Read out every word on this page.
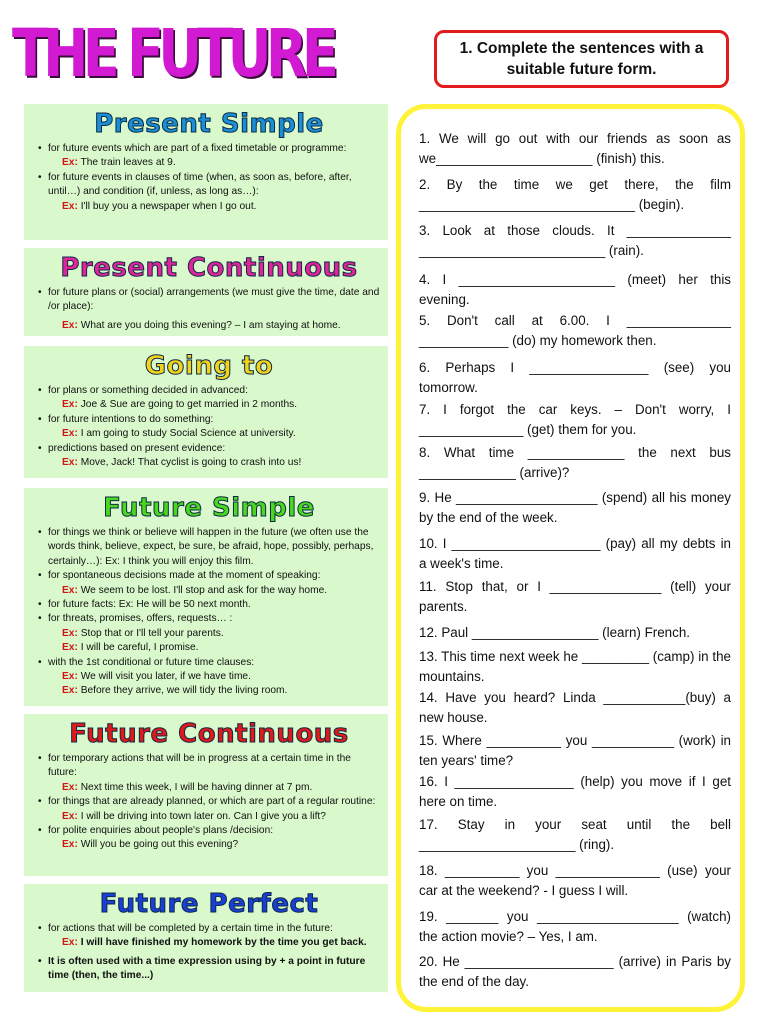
THE FUTURE	1. Complete the sentences with a suitable future form.
Present Simple

• for future events which are part of a fixed timetable or programme:

Ex: The train leaves at 9.

• for future events in clauses of time (when, as soon as, before, after, until…) and condition (if, unless, as long as…):

Ex: I'll buy you a newspaper when I go out.

Present Continuous

• for future plans or (social) arrangements (we must give the time, date and /or place):

Ex: What are you doing this evening? – I am staying at home.

Going to

• for plans or something decided in advanced:

Ex: Joe & Sue are going to get married in 2 months.

• for future intentions to do something:

Ex: I am going to study Social Science at university.

• predictions based on present evidence:

Ex: Move, Jack! That cyclist is going to crash into us!

Future Simple

• for things we think or believe will happen in the future (we often use the words think, believe, expect, be sure, be afraid, hope, possibly, perhaps, certainly…): Ex: I think you will enjoy this film.

• for spontaneous decisions made at the moment of speaking:

Ex: We seem to be lost. I'll stop and ask for the way home.

• for future facts: Ex: He will be 50 next month.

• for threats, promises, offers, requests… :

Ex: Stop that or I'll tell your parents.

Ex: I will be careful, I promise.

• with the 1st conditional or future time clauses:

Ex: We will visit you later, if we have time.

Ex: Before they arrive, we will tidy the living room.

Future Continuous

• for temporary actions that will be in progress at a certain time in the future:

Ex: Next time this week, I will be having dinner at 7 pm.

• for things that are already planned, or which are part of a regular routine:

Ex: I will be driving into town later on. Can I give you a lift?

• for polite enquiries about people's plans /decision:

Ex: Will you be going out this evening?

Future Perfect

• for actions that will be completed by a certain time in the future:

Ex: I will have finished my homework by the time you get back.

• It is often used with a time expression using by + a point in future time (then, the time...)

1. We will go out with our friends as soon as we_____________________ (finish) this.

2. By the time we get there, the film _____________________________ (begin).

3. Look at those clouds. It ______________ _________________________ (rain).

4. I _____________________ (meet) her this evening.

5. Don't call at 6.00. I ______________ ____________ (do) my homework then.

6. Perhaps I ________________ (see) you tomorrow.

7. I forgot the car keys. – Don't worry, I ______________ (get) them for you.

8. What time _____________ the next bus _____________ (arrive)?

9. He ___________________ (spend) all his money by the end of the week.

10. I ____________________ (pay) all my debts in a week's time.

11. Stop that, or I _______________ (tell) your parents.

12. Paul _________________ (learn) French.

13. This time next week he _________ (camp) in the mountains.

14. Have you heard? Linda ___________(buy) a new house.

15. Where __________ you ___________ (work) in ten years' time?

16. I ________________ (help) you move if I get here on time.

17. Stay in your seat until the bell _____________________ (ring).

18. __________ you ______________ (use) your car at the weekend? - I guess I will.

19. _______ you ___________________ (watch) the action movie? – Yes, I am.

20. He ____________________ (arrive) in Paris by the end of the day.
